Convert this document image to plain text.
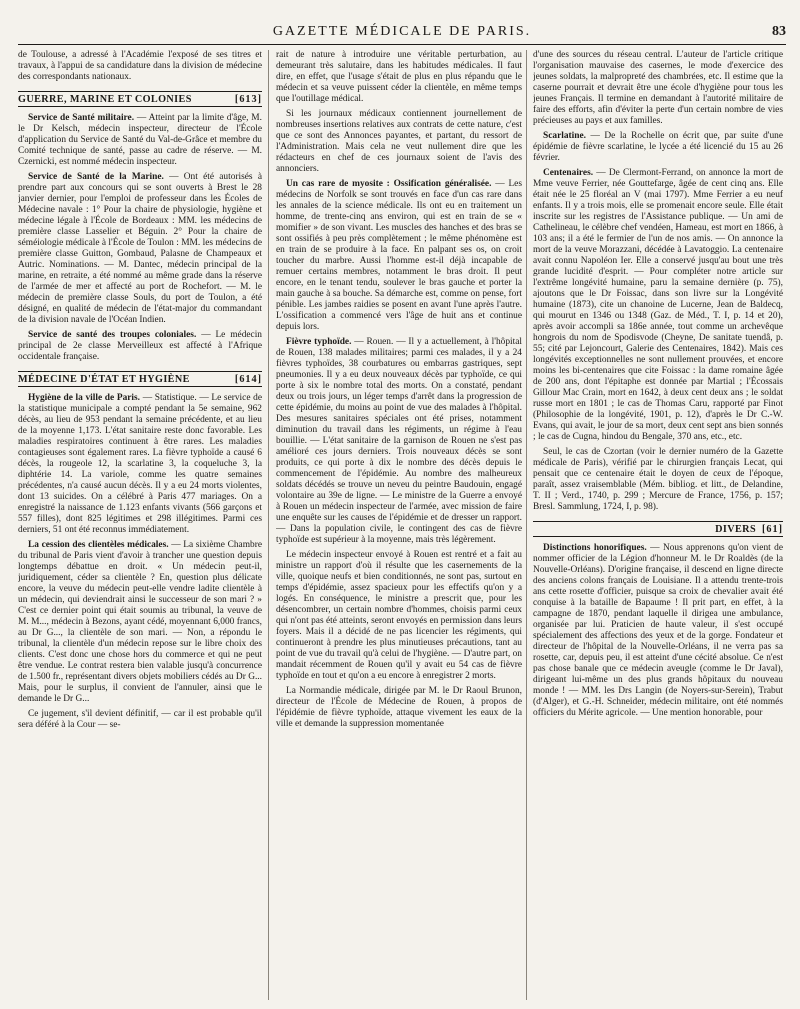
GAZETTE MÉDICALE DE PARIS.	83

de Toulouse, a adressé à l'Académie l'exposé de ses titres et travaux, à l'appui de sa candidature dans la division de médecine des correspondants nationaux.

GUERRE, MARINE ET COLONIES	[613]

Service de Santé militaire. — Atteint par la limite d'âge, M. le Dr Kelsch, médecin inspecteur, directeur de l'École d'application du Service de Santé du Val-de-Grâce et membre du Comité technique de santé, passe au cadre de réserve. — M. Czernicki, est nommé médecin inspecteur.

Service de Santé de la Marine. — Ont été autorisés à prendre part aux concours qui se sont ouverts à Brest le 28 janvier dernier, pour l'emploi de professeur dans les Écoles de Médecine navale : 1° Pour la chaire de physiologie, hygiène et médecine légale à l'École de Bordeaux : MM. les médecins de première classe Lasselier et Béguin. 2° Pour la chaire de séméiologie médicale à l'École de Toulon : MM. les médecins de première classe Guitton, Gombaud, Palasne de Champeaux et Autric. Nominations. — M. Dantec, médecin principal de la marine, en retraite, a été nommé au même grade dans la réserve de l'armée de mer et affecté au port de Rochefort. — M. le médecin de première classe Souls, du port de Toulon, a été désigné, en qualité de médecin de l'état-major du commandant de la division navale de l'Océan Indien.

Service de santé des troupes coloniales. — Le médecin principal de 2e classe Merveilleux est affecté à l'Afrique occidentale française.

MÉDECINE D'ÉTAT ET HYGIÈNE	[614]

Hygiène de la ville de Paris. — Statistique. — Le service de la statistique municipale a compté pendant la 5e semaine, 962 décès, au lieu de 953 pendant la semaine précédente, et au lieu de la moyenne 1,173. L'état sanitaire reste donc favorable. Les maladies respiratoires continuent à être rares. Les maladies contagieuses sont également rares. La fièvre typhoïde a causé 6 décès, la rougeole 12, la scarlatine 3, la coqueluche 3, la diphtérie 14. La variole, comme les quatre semaines précédentes, n'a causé aucun décès. Il y a eu 24 morts violentes, dont 13 suicides. On a célébré à Paris 477 mariages. On a enregistré la naissance de 1.123 enfants vivants (566 garçons et 557 filles), dont 825 légitimes et 298 illégitimes. Parmi ces derniers, 51 ont été reconnus immédiatement.

La cession des clientèles médicales. — La sixième Chambre du tribunal de Paris vient d'avoir à trancher une question depuis longtemps débattue en droit. « Un médecin peut-il, juridiquement, céder sa clientèle ? En, question plus délicate encore, la veuve du médecin peut-elle vendre ladite clientèle à un médecin, qui deviendrait ainsi le successeur de son mari ? » C'est ce dernier point qui était soumis au tribunal, la veuve de M. M..., médecin à Bezons, ayant cédé, moyennant 6,000 francs, au Dr G..., la clientèle de son mari. — Non, a répondu le tribunal, la clientèle d'un médecin repose sur le libre choix des clients. C'est donc une chose hors du commerce et qui ne peut être vendue. Le contrat restera bien valable jusqu'à concurrence de 1.500 fr., représentant divers objets mobiliers cédés au Dr G... Mais, pour le surplus, il convient de l'annuler, ainsi que le demande le Dr G...

Ce jugement, s'il devient définitif, — car il est probable qu'il sera déféré à la Cour — se-

rait de nature à introduire une véritable perturbation, au demeurant très salutaire, dans les habitudes médicales. Il faut dire, en effet, que l'usage s'était de plus en plus répandu que le médecin et sa veuve puissent céder la clientèle, en même temps que l'outillage médical.

Si les journaux médicaux contiennent journellement de nombreuses insertions relatives aux contrats de cette nature, c'est que ce sont des Annonces payantes, et partant, du ressort de l'Administration. Mais cela ne veut nullement dire que les rédacteurs en chef de ces journaux soient de l'avis des annonciers.

Un cas rare de myosite : Ossification généralisée. — Les médecins de Norfolk se sont trouvés en face d'un cas rare dans les annales de la science médicale. Ils ont eu en traitement un homme, de trente-cinq ans environ, qui est en train de se « momifier » de son vivant. Les muscles des hanches et des bras se sont ossifiés à peu près complètement ; le même phénomène est en train de se produire à la face. En palpant ses os, on croit toucher du marbre. Aussi l'homme est-il déjà incapable de remuer certains membres, notamment le bras droit. Il peut encore, en le tenant tendu, soulever le bras gauche et porter la main gauche à sa bouche. Sa démarche est, comme on pense, fort pénible. Les jambes raidies se posent en avant l'une après l'autre. L'ossification a commencé vers l'âge de huit ans et continue depuis lors.

Fièvre typhoïde. — Rouen. — Il y a actuellement, à l'hôpital de Rouen, 138 malades militaires; parmi ces malades, il y a 24 fièvres typhoïdes, 38 courbatures ou embarras gastriques, sept pneumonies. Il y a eu deux nouveaux décès par typhoïde, ce qui porte à six le nombre total des morts. On a constaté, pendant deux ou trois jours, un léger temps d'arrêt dans la progression de cette épidémie, du moins au point de vue des malades à l'hôpital. Des mesures sanitaires spéciales ont été prises, notamment diminution du travail dans les régiments, un régime à l'eau bouillie. — L'état sanitaire de la garnison de Rouen ne s'est pas amélioré ces jours derniers. Trois nouveaux décès se sont produits, ce qui porte à dix le nombre des décès depuis le commencement de l'épidémie. Au nombre des malheureux soldats décédés se trouve un neveu du peintre Baudouin, engagé volontaire au 39e de ligne. — Le ministre de la Guerre a envoyé à Rouen un médecin inspecteur de l'armée, avec mission de faire une enquête sur les causes de l'épidémie et de dresser un rapport. — Dans la population civile, le contingent des cas de fièvre typhoïde est supérieur à la moyenne, mais très légèrement.

Le médecin inspecteur envoyé à Rouen est rentré et a fait au ministre un rapport d'où il résulte que les casernements de la ville, quoique neufs et bien conditionnés, ne sont pas, surtout en temps d'épidémie, assez spacieux pour les effectifs qu'on y a logés. En conséquence, le ministre a prescrit que, pour les désencombrer, un certain nombre d'hommes, choisis parmi ceux qui n'ont pas été atteints, seront envoyés en permission dans leurs foyers. Mais il a décidé de ne pas licencier les régiments, qui continueront à prendre les plus minutieuses précautions, tant au point de vue du travail qu'à celui de l'hygiène. — D'autre part, on mandait récemment de Rouen qu'il y avait eu 54 cas de fièvre typhoïde en tout et qu'on a eu encore à enregistrer 2 morts.

La Normandie médicale, dirigée par M. le Dr Raoul Brunon, directeur de l'École de Médecine de Rouen, à propos de l'épidémie de fièvre typhoïde, attaque vivement les eaux de la ville et demande la suppression momentanée

d'une des sources du réseau central. L'auteur de l'article critique l'organisation mauvaise des casernes, le mode d'exercice des jeunes soldats, la malpropreté des chambrées, etc. Il estime que la caserne pourrait et devrait être une école d'hygiène pour tous les jeunes Français. Il termine en demandant à l'autorité militaire de faire des efforts, afin d'éviter la perte d'un certain nombre de vies précieuses au pays et aux familles.

Scarlatine. — De la Rochelle on écrit que, par suite d'une épidémie de fièvre scarlatine, le lycée a été licencié du 15 au 26 février.

Centenaires. — De Clermont-Ferrand, on annonce la mort de Mme veuve Ferrier, née Gouttefarge, âgée de cent cinq ans. Elle était née le 25 floréal an V (mai 1797). Mme Ferrier a eu neuf enfants. Il y a trois mois, elle se promenait encore seule. Elle était inscrite sur les registres de l'Assistance publique. — Un ami de Cathelineau, le célèbre chef vendéen, Hameau, est mort en 1866, à 103 ans; il a été le fermier de l'un de nos amis. — On annonce la mort de la veuve Morazzani, décédée à Lavatoggio. La centenaire avait connu Napoléon Ier. Elle a conservé jusqu'au bout une très grande lucidité d'esprit. — Pour compléter notre article sur l'extrême longévité humaine, paru la semaine dernière (p. 75), ajoutons que le Dr Foissac, dans son livre sur la Longévité humaine (1873), cite un chanoine de Lucerne, Jean de Baldecq, qui mourut en 1346 ou 1348 (Gaz. de Méd., T. I, p. 14 et 20), après avoir accompli sa 186e année, tout comme un archevêque hongrois du nom de Spodisvode (Cheyne, De sanitate tuendâ, p. 55; cité par Lejoncourt, Galerie des Centenaires, 1842). Mais ces longévités exceptionnelles ne sont nullement prouvées, et encore moins les bi-centenaires que cite Foissac : la dame romaine âgée de 200 ans, dont l'épitaphe est donnée par Martial ; l'Écossais Gillour Mac Crain, mort en 1642, à deux cent deux ans ; le soldat russe mort en 1801 ; le cas de Thomas Caru, rapporté par Finot (Philosophie de la longévité, 1901, p. 12), d'après le Dr C.-W. Evans, qui avait, le jour de sa mort, deux cent sept ans bien sonnés ; le cas de Cugna, hindou du Bengale, 370 ans, etc., etc.

Seul, le cas de Czortan (voir le dernier numéro de la Gazette médicale de Paris), vérifié par le chirurgien français Lecat, qui pensait que ce centenaire était le doyen de ceux de l'époque, paraît, assez vraisemblable (Mém. bibliog. et litt., de Delandine, T. II ; Verd., 1740, p. 299 ; Mercure de France, 1756, p. 157; Bresl. Sammlung, 1724, I, p. 98).

DIVERS [61]

Distinctions honorifiques. — Nous apprenons qu'on vient de nommer officier de la Légion d'honneur M. le Dr Roaldès (de la Nouvelle-Orléans). D'origine française, il descend en ligne directe des anciens colons français de Louisiane. Il a attendu trente-trois ans cette rosette d'officier, puisque sa croix de chevalier avait été conquise à la bataille de Bapaume ! Il prit part, en effet, à la campagne de 1870, pendant laquelle il dirigea une ambulance, organisée par lui. Praticien de haute valeur, il s'est occupé spécialement des affections des yeux et de la gorge. Fondateur et directeur de l'hôpital de la Nouvelle-Orléans, il ne verra pas sa rosette, car, depuis peu, il est atteint d'une cécité absolue. Ce n'est pas chose banale que ce médecin aveugle (comme le Dr Javal), dirigeant lui-même un des plus grands hôpitaux du nouveau monde ! — MM. les Drs Langin (de Noyers-sur-Serein), Trabut (d'Alger), et G.-H. Schneider, médecin militaire, ont été nommés officiers du Mérite agricole. — Une mention honorable, pour
